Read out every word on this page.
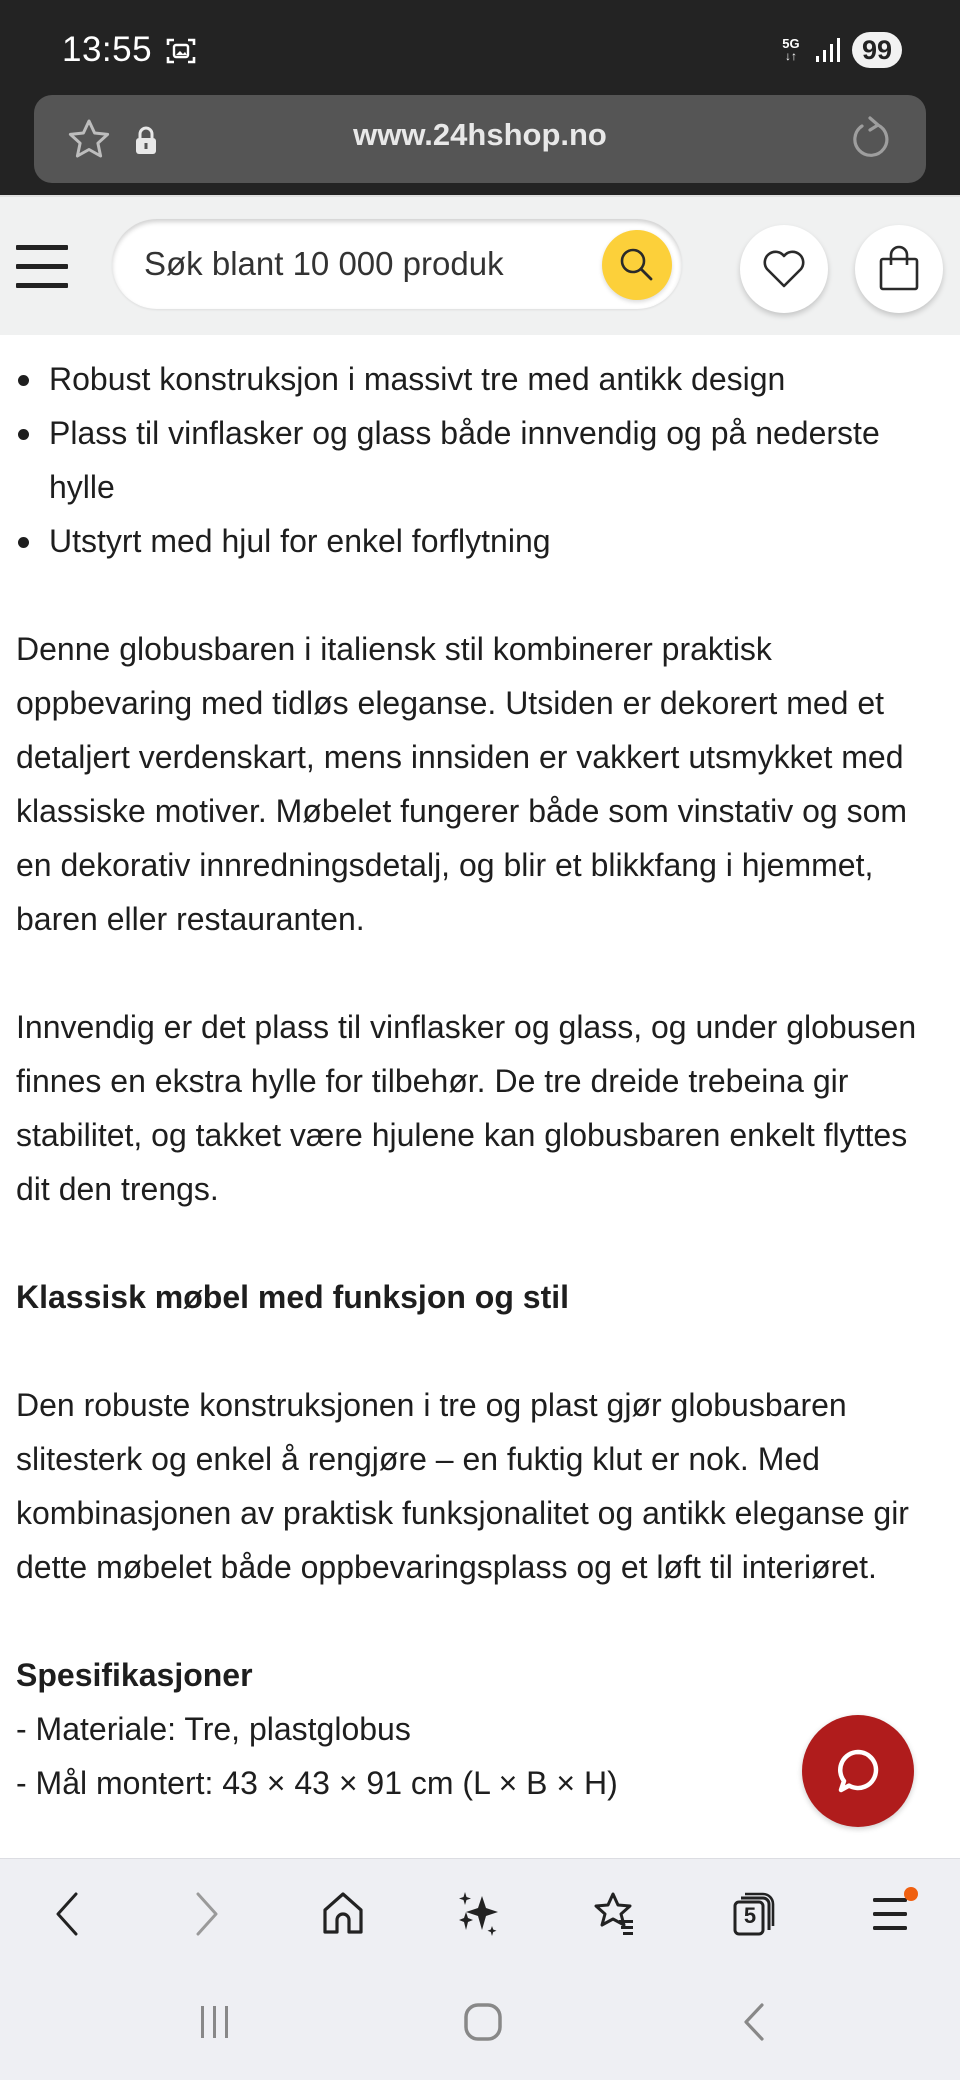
13:55	5G
↓↑	99
www.24hshop.no
Søk blant 10 000 produk
Robust konstruksjon i massivt tre med antikk design
Plass til vinflasker og glass både innvendig og på nederste hylle
Utstyrt med hjul for enkel forflytning

Denne globusbaren i italiensk stil kombinerer praktisk oppbevaring med tidløs eleganse. Utsiden er dekorert med et detaljert verdenskart, mens innsiden er vakkert utsmykket med klassiske motiver. Møbelet fungerer både som vinstativ og som en dekorativ innredningsdetalj, og blir et blikkfang i hjemmet, baren eller restauranten.

Innvendig er det plass til vinflasker og glass, og under globusen finnes en ekstra hylle for tilbehør. De tre dreide trebeina gir stabilitet, og takket være hjulene kan globusbaren enkelt flyttes dit den trengs.

Klassisk møbel med funksjon og stil

Den robuste konstruksjonen i tre og plast gjør globusbaren slitesterk og enkel å rengjøre – en fuktig klut er nok. Med kombinasjonen av praktisk funksjonalitet og antikk eleganse gir dette møbelet både oppbevaringsplass og et løft til interiøret.

Spesifikasjoner

- Materiale: Tre, plastglobus

- Mål montert: 43 × 43 × 91 cm (L × B × H)

5
